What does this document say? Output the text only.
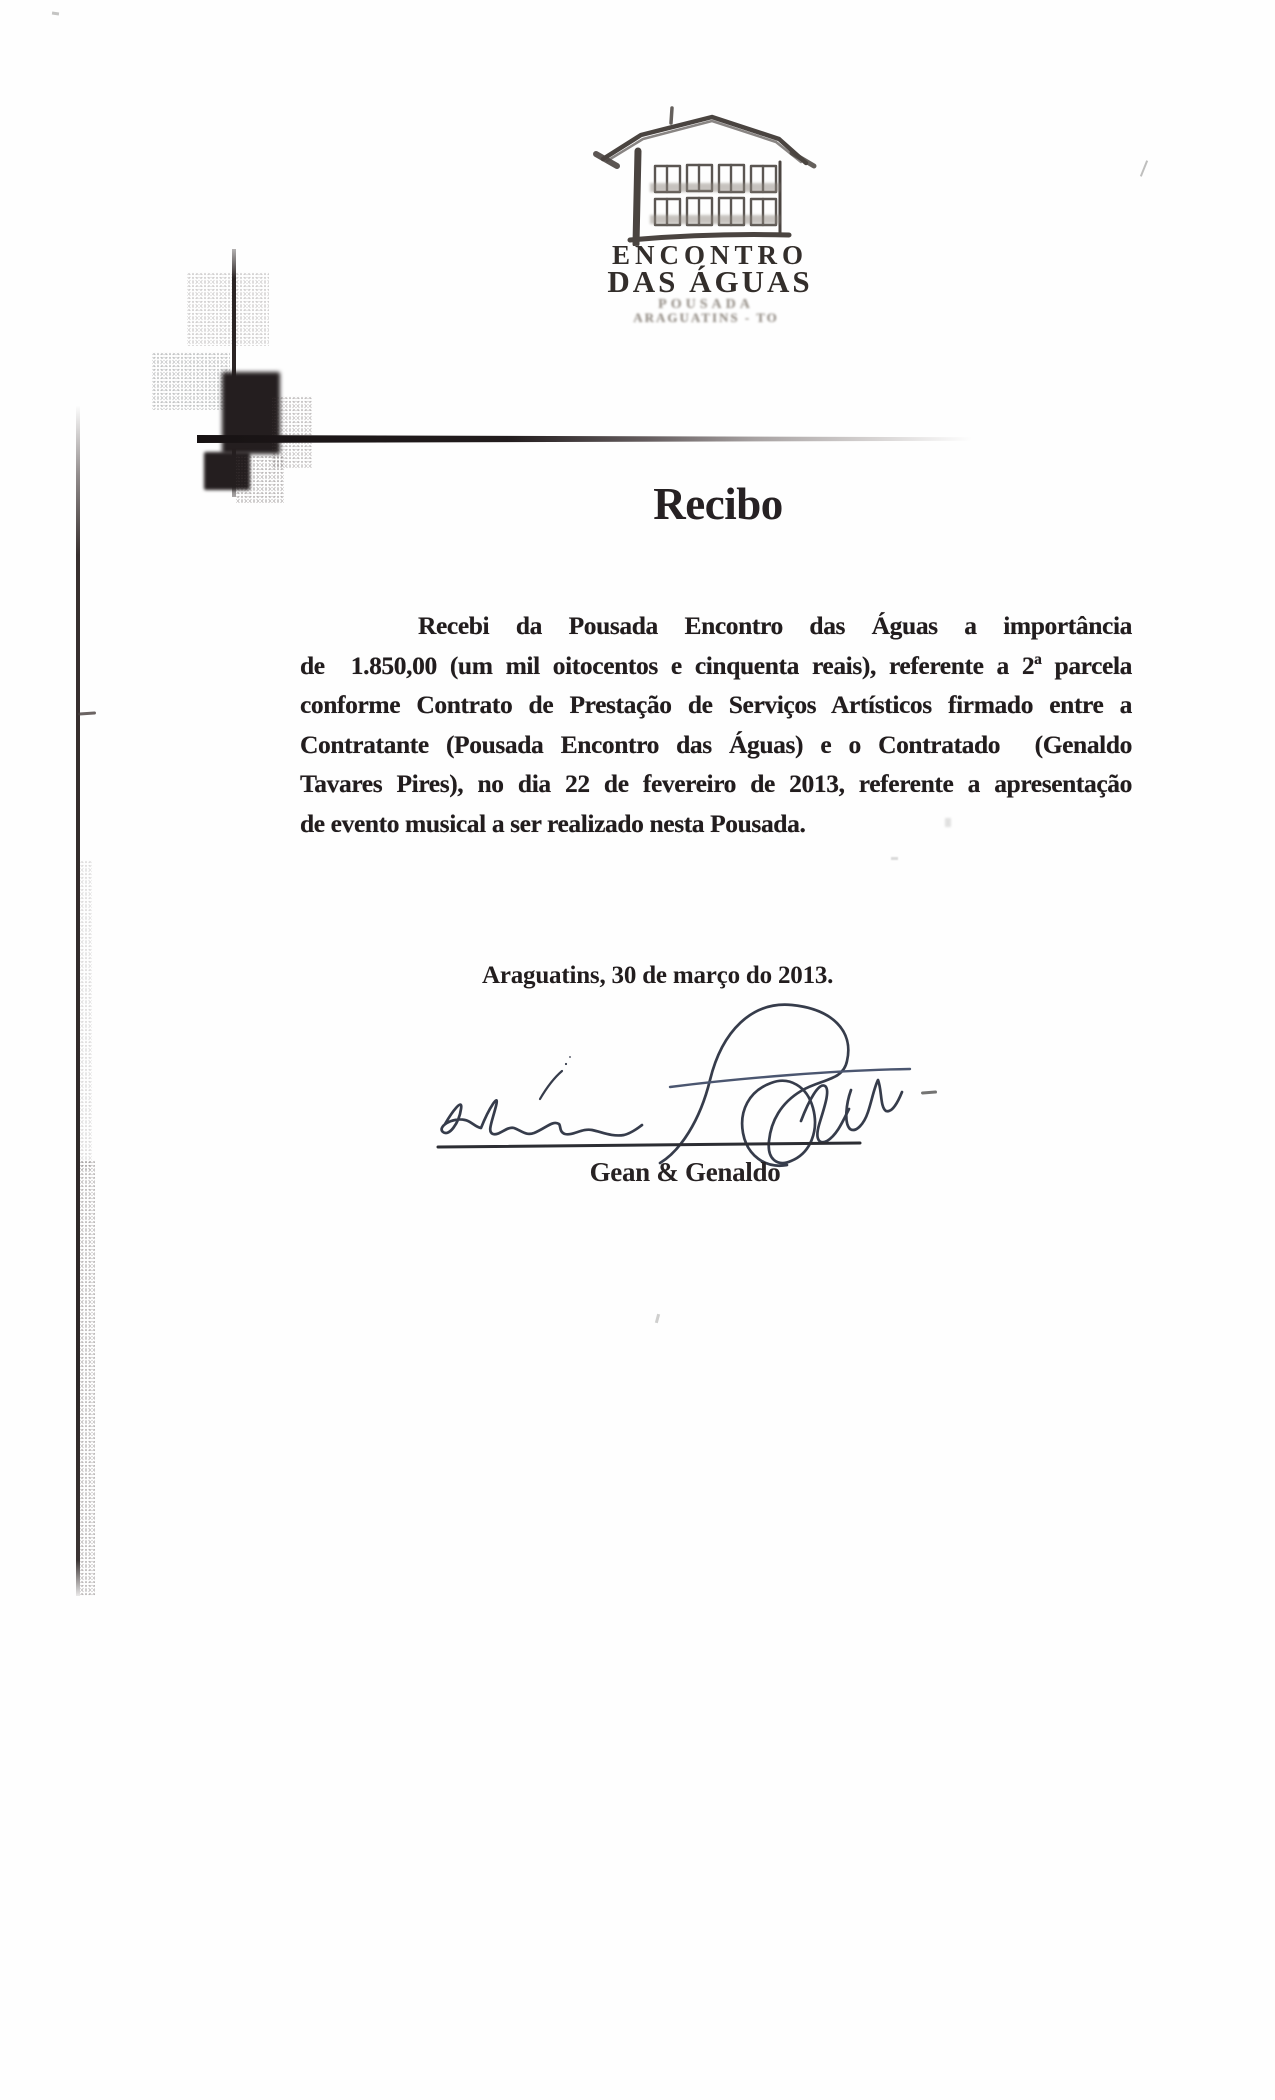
ENCONTRO
DAS ÁGUAS
POUSADA
ARAGUATINS - TO
Recibo
Recebi da Pousada Encontro das Águas a importância
de  1.850,00 (um mil oitocentos e cinquenta reais), referente a 2ª parcela
conforme Contrato de Prestação de Serviços Artísticos firmado entre a
Contratante (Pousada Encontro das Águas) e o Contratado  (Genaldo
Tavares Pires), no dia 22 de fevereiro de 2013, referente a apresentação
de evento musical a ser realizado nesta Pousada.
Araguatins, 30 de março do 2013.
Gean & Genaldo
